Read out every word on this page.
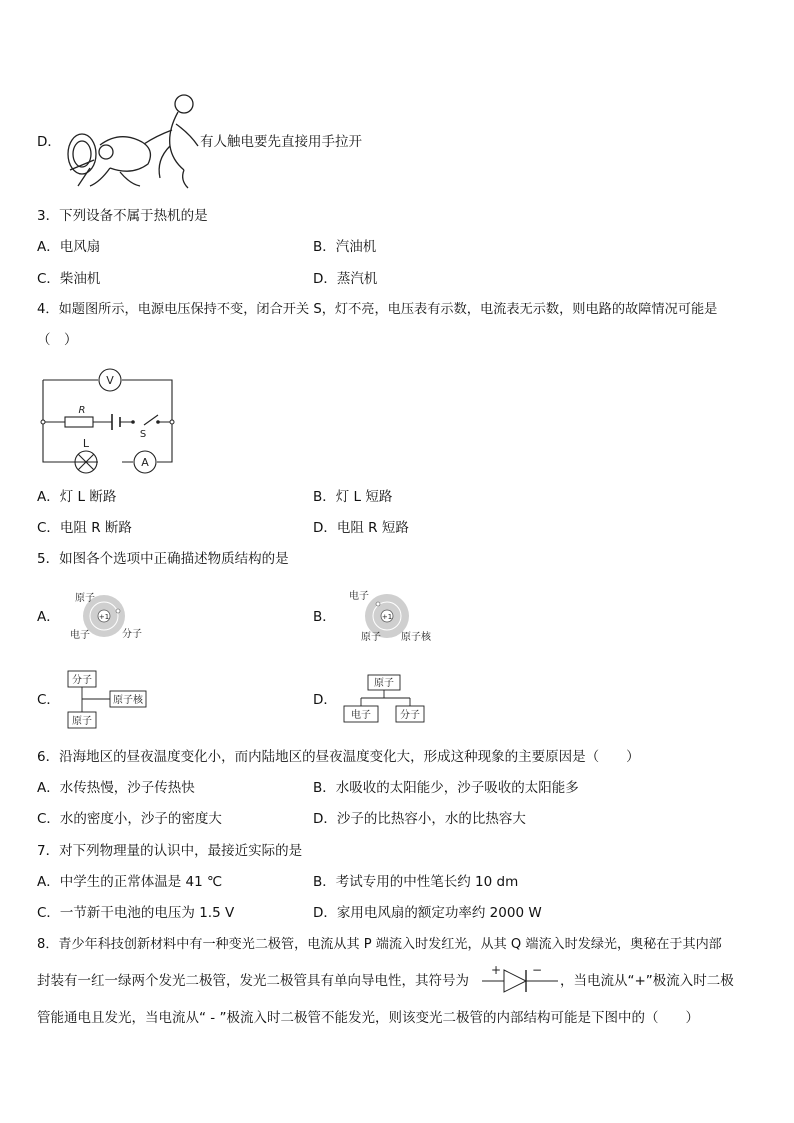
D．	有人触电要先直接用手拉开
3．下列设备不属于热机的是
A．电风扇	B．汽油机
C．柴油机	D．蒸汽机
4．如题图所示，电源电压保持不变，闭合开关 S，灯不亮，电压表有示数，电流表无示数，则电路的故障情况可能是
（　）
V
R
S
L
A
A．灯 L 断路	B．灯 L 短路
C．电阻 R 断路	D．电阻 R 短路
5．如图各个选项中正确描述物质结构的是
A．	+1
原子
电子	分子
B．	+1
电子
原子 原子核
C．
分子
原子
原子核	D．
原子
电子	分子
6．沿海地区的昼夜温度变化小，而内陆地区的昼夜温度变化大，形成这种现象的主要原因是（　　）
A．水传热慢，沙子传热快	B．水吸收的太阳能少，沙子吸收的太阳能多
C．水的密度小，沙子的密度大	D．沙子的比热容小，水的比热容大
7．对下列物理量的认识中，最接近实际的是
A．中学生的正常体温是 41 ℃	B．考试专用的中性笔长约 10 dm
C．一节新干电池的电压为 1.5 V	D．家用电风扇的额定功率约 2000 W
8．青少年科技创新材料中有一种变光二极管，电流从其 P 端流入时发红光，从其 Q 端流入时发绿光，奥秘在于其内部
封装有一红一绿两个发光二极管，发光二极管具有单向导电性，其符号为
+	−
，当电流从“+”极流入时二极
管能通电且发光，当电流从“ - ”极流入时二极管不能发光，则该变光二极管的内部结构可能是下图中的（　　）
